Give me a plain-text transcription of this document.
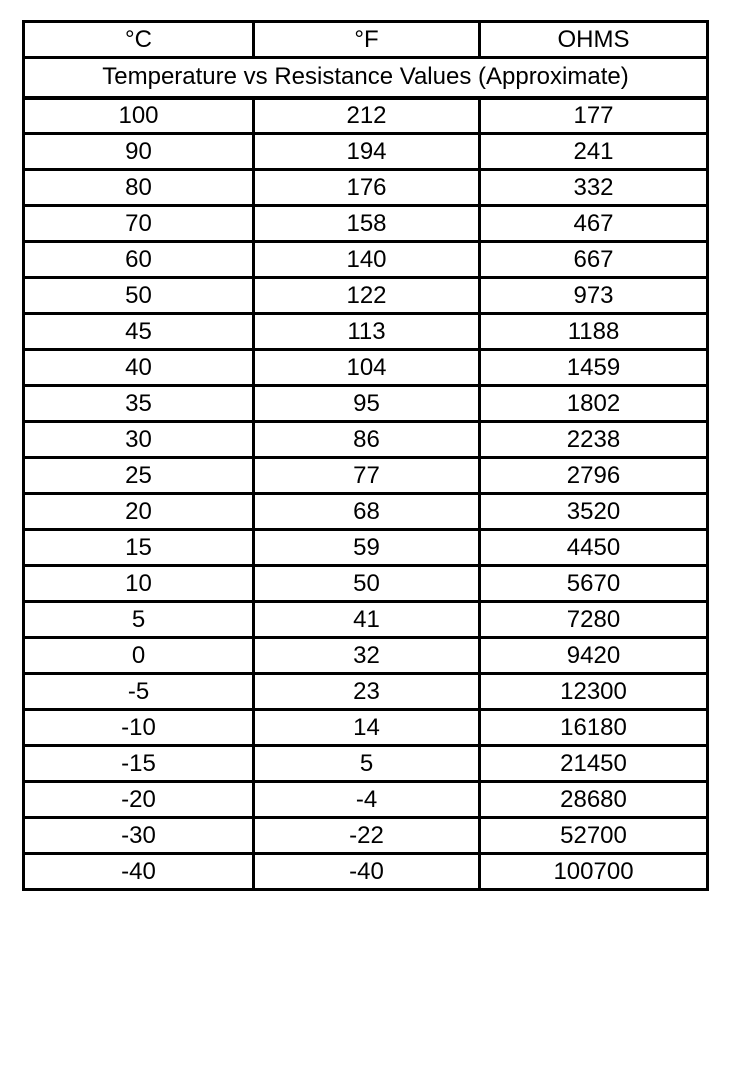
°C	°F	OHMS
Temperature vs Resistance Values (Approximate)		
100	212	177
90	194	241
80	176	332
70	158	467
60	140	667
50	122	973
45	113	1188
40	104	1459
35	95	1802
30	86	2238
25	77	2796
20	68	3520
15	59	4450
10	50	5670
5	41	7280
0	32	9420
-5	23	12300
-10	14	16180
-15	5	21450
-20	-4	28680
-30	-22	52700
-40	-40	100700
